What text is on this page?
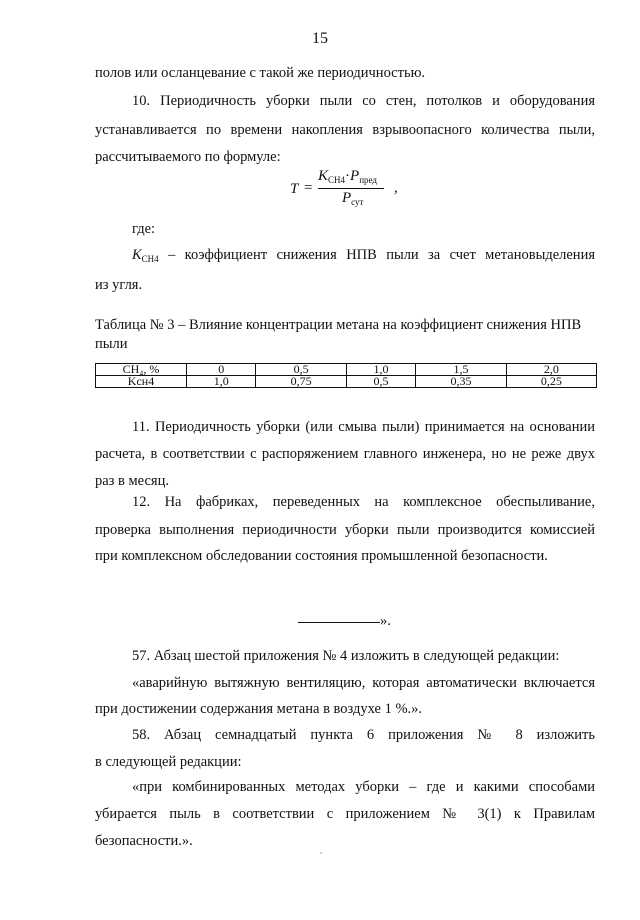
15
полов или осланцевание с такой же периодичностью.
10. Периодичность уборки пыли со стен, потолков и оборудования
устанавливается по времени накопления взрывоопасного количества пыли,
рассчитываемого по формуле:
T =
$K_{CH4}\cdot P_{пред}$
$P_{сут}$
,
где:
$K_{CH4}$ – коэффициент снижения НПВ пыли за счет метановыделения
из угля.
Таблица № 3 – Влияние концентрации метана на коэффициент снижения НПВ
пыли
CH₄, %	0	0,5	1,0	1,5	2,0
Kсн4	1,0	0,75	0,5	0,35	0,25
11. Периодичность уборки (или смыва пыли) принимается на основании
расчета, в соответствии с распоряжением главного инженера, но не реже двух
раз в месяц.
12. На фабриках, переведенных на комплексное обеспыливание,
проверка выполнения периодичности уборки пыли производится комиссией
при комплексном обследовании состояния промышленной безопасности.
».
57. Абзац шестой приложения № 4 изложить в следующей редакции:
«аварийную вытяжную вентиляцию, которая автоматически включается
при достижении содержания метана в воздухе 1 %.».
58. Абзац семнадцатый пункта 6 приложения № 8 изложить
в следующей редакции:
«при комбинированных методах уборки – где и какими способами
убирается пыль в соответствии с приложением № 3(1) к Правилам
безопасности.».
